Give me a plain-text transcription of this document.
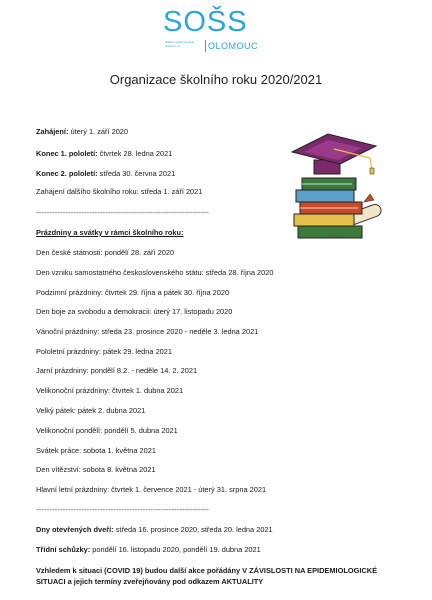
SOŠS
Střední odborná škola služeb s.r.o.	OLOMOUC
Organizace školního roku 2020/2021
Zahájení: úterý 1. září 2020
Konec 1. pololetí: čtvrtek 28. ledna 2021
Konec 2. pololetí: středa 30. června 2021
Zahájení dalšího školního roku: středa 1. září 2021
-----------------------------------------------------------------
Prázdniny a svátky v rámci školního roku:
Den české státnosti: pondělí 28. září 2020
Den vzniku samostatného československého státu: středa 28. října 2020
Podzimní prázdniny: čtvrtek 29. října a pátek 30. října 2020
Den boje za svobodu a demokracii: úterý 17. listopadu 2020
Vánoční prázdniny: středa 23. prosince 2020 - neděle 3. ledna 2021
Pololetní prázdniny: pátek 29. ledna 2021
Jarní prázdniny: pondělí 8.2. - neděle 14. 2. 2021
Velikonoční prázdniny: čtvrtek 1. dubna 2021
Velký pátek: pátek 2. dubna 2021
Velikonoční pondělí: pondělí 5. dubna 2021
Svátek práce: sobota 1. května 2021
Den vítězství: sobota 8. května 2021
Hlavní letní prázdniny: čtvrtek 1. července 2021 - úterý 31. srpna 2021
-----------------------------------------------------------------
Dny otevřených dveří: středa 16. prosince 2020, středa 20. ledna 2021
Třídní schůzky: pondělí 16. listopadu 2020, pondělí 19. dubna 2021
Vzhledem k situaci (COVID 19) budou další akce pořádány V ZÁVISLOSTI NA EPIDEMIOLOGICKÉ SITUACI a jejich termíny zveřejňovány pod odkazem AKTUALITY
ClipArt.com
